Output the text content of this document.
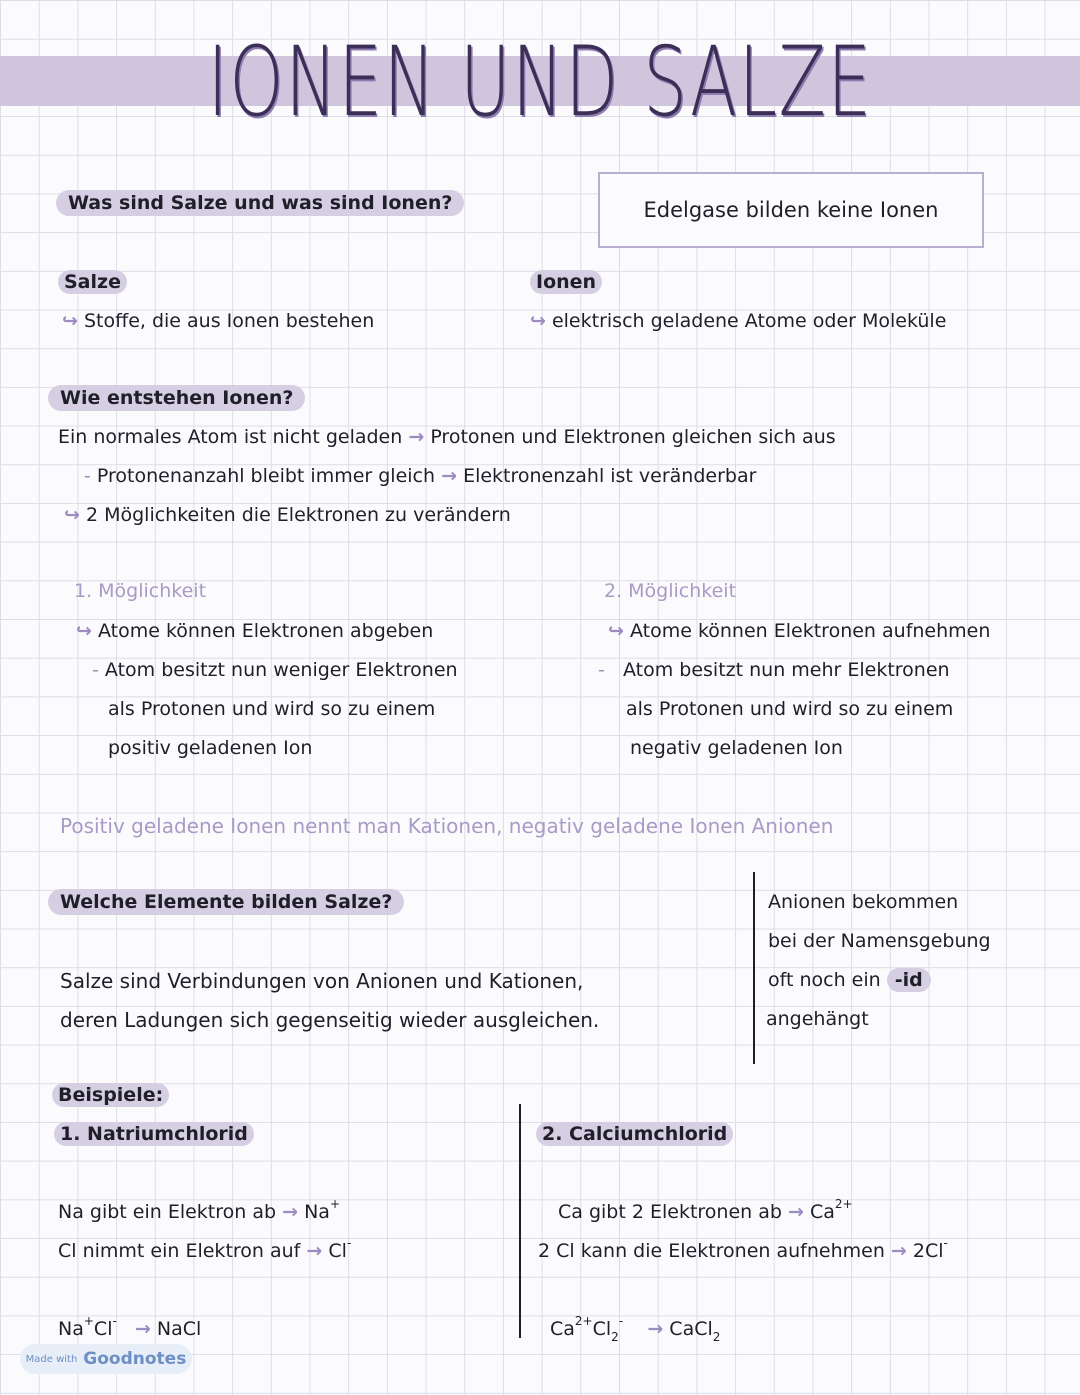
IONEN UND SALZE
Was sind Salze und was sind Ionen?	Edelgase bilden keine Ionen
Salze
↪ Stoffe, die aus Ionen bestehen
Ionen
↪ elektrisch geladene Atome oder Moleküle
Wie entstehen Ionen?
Ein normales Atom ist nicht geladen → Protonen und Elektronen gleichen sich aus
- Protonenanzahl bleibt immer gleich → Elektronenzahl ist veränderbar
↪ 2 Möglichkeiten die Elektronen zu verändern
1. Möglichkeit
↪ Atome können Elektronen abgeben
- Atom besitzt nun weniger Elektronen
als Protonen und wird so zu einem
positiv geladenen Ion
2. Möglichkeit
↪ Atome können Elektronen aufnehmen
- Atom besitzt nun mehr Elektronen
als Protonen und wird so zu einem
negativ geladenen Ion
Positiv geladene Ionen nennt man Kationen, negativ geladene Ionen Anionen
Welche Elemente bilden Salze?
Salze sind Verbindungen von Anionen und Kationen,
deren Ladungen sich gegenseitig wieder ausgleichen.
Anionen bekommen
bei der Namensgebung
oft noch ein -id
angehängt
Beispiele:
1. Natriumchlorid	2. Calciumchlorid
Na gibt ein Elektron ab → Na+
Cl nimmt ein Elektron auf → Cl-
Na+Cl- → NaCl
Ca gibt 2 Elektronen ab → $Ca^{2+}$
2 Cl kann die Elektronen aufnehmen → 2Cl-
$Ca^{2+}Cl_2^-$ → CaCl$_2$
Made with Goodnotes
